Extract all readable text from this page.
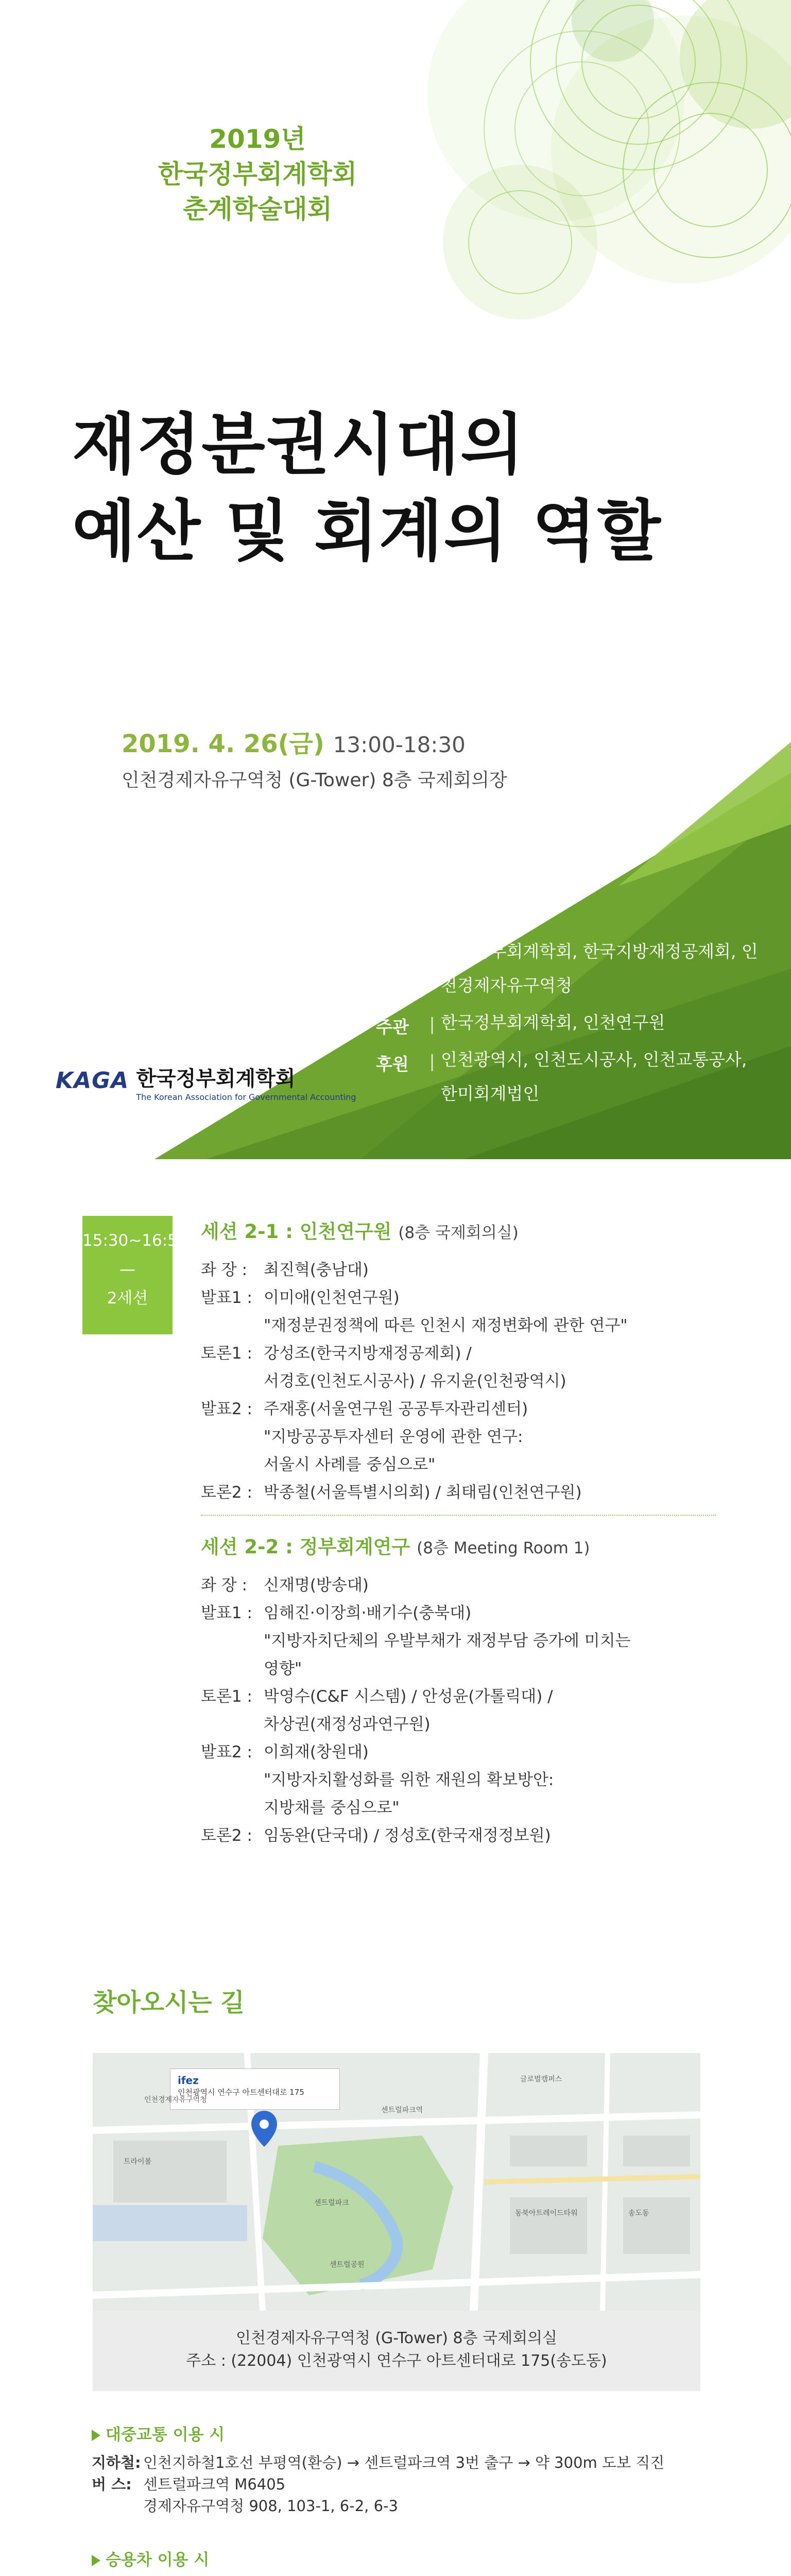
2019년
한국정부회계학회
춘계학술대회
재정분권시대의
예산 및 회계의 역할
2019. 4. 26(금) 13:00-18:30
인천경제자유구역청 (G-Tower) 8층 국제회의장
주최	| 한국정부회계학회, 한국지방재정공제회, 인천경제자유구역청
주관	| 한국정부회계학회, 인천연구원
후원	| 인천광역시, 인천도시공사, 인천교통공사, 한미회계법인
KAGA 한국정부회계학회
The Korean Association for Governmental Accounting
15:30~16:50
—
2세션
세션 2-1 : 인천연구원 (8층 국제회의실)
좌 장 :	최진혁(충남대)
발표1 : 이미애(인천연구원)
"재정분권정책에 따른 인천시 재정변화에 관한 연구"
토론1 : 강성조(한국지방재정공제회) /
서경호(인천도시공사) / 유지윤(인천광역시)
발표2 : 주재홍(서울연구원 공공투자관리센터)
"지방공공투자센터 운영에 관한 연구:
서울시 사례를 중심으로"
토론2 : 박종철(서울특별시의회) / 최태림(인천연구원)
세션 2-2 : 정부회계연구 (8층 Meeting Room 1)
좌 장 :	신재명(방송대)
발표1 : 임해진·이장희·배기수(충북대)
"지방자치단체의 우발부채가 재정부담 증가에 미치는
영향"
토론1 : 박영수(C&F 시스템) / 안성윤(가톨릭대) /
차상권(재정성과연구원)
발표2 : 이희재(창원대)
"지방자치활성화를 위한 재원의 확보방안:
지방채를 중심으로"
토론2 : 임동완(단국대) / 정성호(한국재정정보원)
찾아오시는 길
ifez
인천광역시 연수구 아트센터대로 175
글로벌캠퍼스
센트럴파크역
센트럴파크
송도동
동북아트레이드타워
트라이볼
센트럴공원
인천경제자유구역청
인천경제자유구역청 (G-Tower) 8층 국제회의실
주소 : (22004) 인천광역시 연수구 아트센터대로 175(송도동)
대중교통 이용 시
지하철: 인천지하철1호선 부평역(환승) → 센트럴파크역 3번 출구 → 약 300m 도보 직진
버 스: 센트럴파크역 M6405
경제자유구역청 908, 103-1, 6-2, 6-3
승용차 이용 시
